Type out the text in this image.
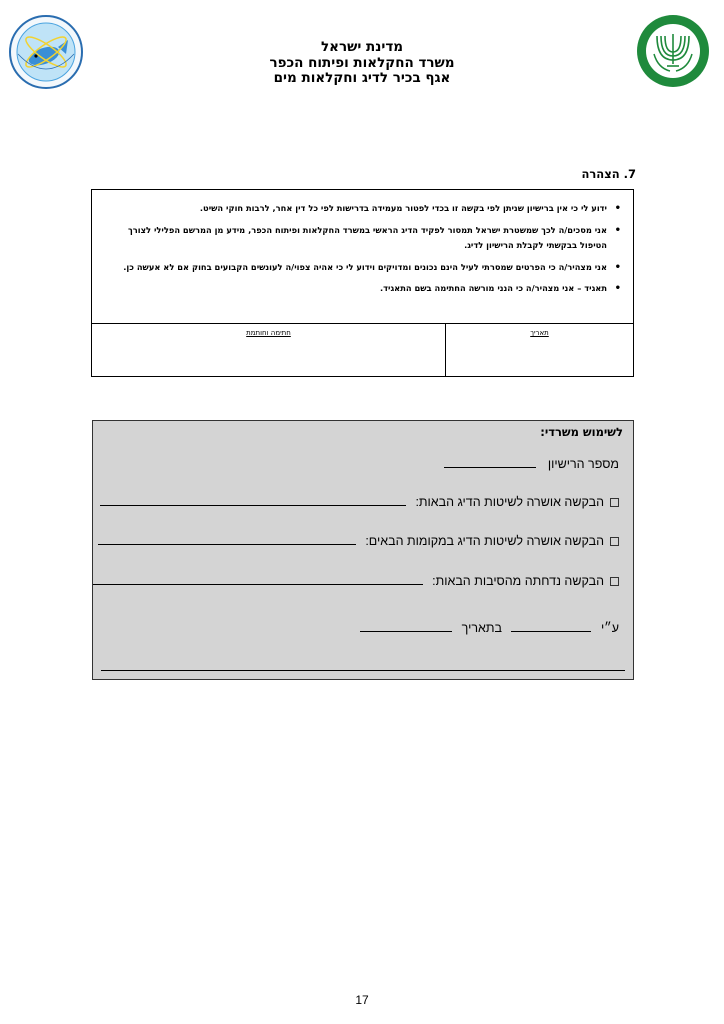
מדינת ישראל
משרד החקלאות ופיתוח הכפר
אגף בכיר לדיג וחקלאות מים
7. הצהרה
• ידוע לי כי אין ברישיון שניתן לפי בקשה זו בכדי לפטור מעמידה בדרישות לפי כל דין אחר, לרבות חוקי השיט.
• אני מסכים/ה לכך שמשטרת ישראל תמסור לפקיד הדיג הראשי במשרד החקלאות ופיתוח הכפר, מידע מן המרשם הפלילי לצורך הטיפול בבקשתי לקבלת הרישיון לדיג.
• אני מצהיר/ה כי הפרטים שמסרתי לעיל הינם נכונים ומדויקים וידוע לי כי אהיה צפוי/ה לעונשים הקבועים בחוק אם לא אעשה כן.
• תאגיד – אני מצהיר/ה כי הנני מורשה החתימה בשם התאגיד.
חתימה וחותמת	תאריך
לשימוש משרדי:
מספר הרישיון
הבקשה אושרה לשיטות הדיג הבאות:
הבקשה אושרה לשיטות הדיג במקומות הבאים:
הבקשה נדחתה מהסיבות הבאות:
ע״י  בתאריך
17
